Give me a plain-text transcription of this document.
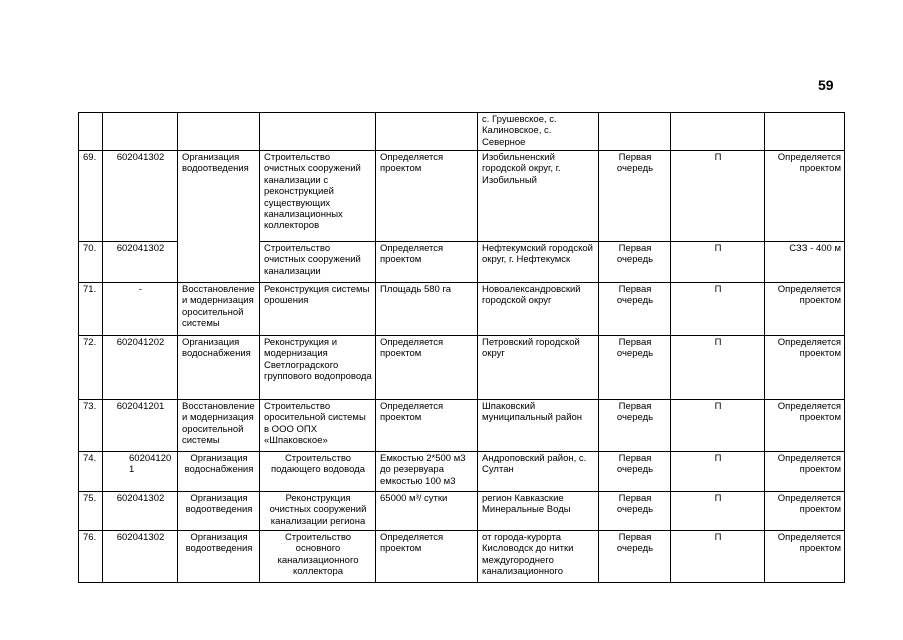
59
					с. Грушевское, с. Калиновское, с. Северное			
69.	602041302	Организация водоотведения	Строительство очистных сооружений канализации с реконструкцией существующих канализационных коллекторов	Определяется проектом	Изобильненский городской округ, г. Изобильный	Первая очередь	П	Определяется проектом
70.	602041302		Строительство очистных сооружений канализации	Определяется проектом	Нефтекумский городской округ, г. Нефтекумск	Первая очередь	П	СЗЗ - 400 м
71.	-	Восстановление и модернизация оросительной системы	Реконструкция системы орошения	Площадь 580 га	Новоалександровский городской округ	Первая очередь	П	Определяется проектом
72.	602041202	Организация водоснабжения	Реконструкция и модернизация Светлоградского группового водопровода	Определяется проектом	Петровский городской округ	Первая очередь	П	Определяется проектом
73.	602041201	Восстановление и модернизация оросительной системы	Строительство оросительной системы в ООО ОПХ «Шпаковское»	Определяется проектом	Шпаковский муниципальный район	Первая очередь	П	Определяется проектом
74.	602041201	Организация водоснабжения	Строительство подающего водовода	Емкостью 2*500 м3 до резервуара емкостью 100 м3	Андроповский район, с. Султан	Первая очередь	П	Определяется проектом
75.	602041302	Организация водоотведения	Реконструкция очистных сооружений канализации региона	65000 м³/ сутки	регион Кавказские Минеральные Воды	Первая очередь	П	Определяется проектом
76.	602041302	Организация водоотведения	Строительство основного канализационного коллектора	Определяется проектом	от города-курорта Кисловодск до нитки междугороднего канализационного	Первая очередь	П	Определяется проектом
